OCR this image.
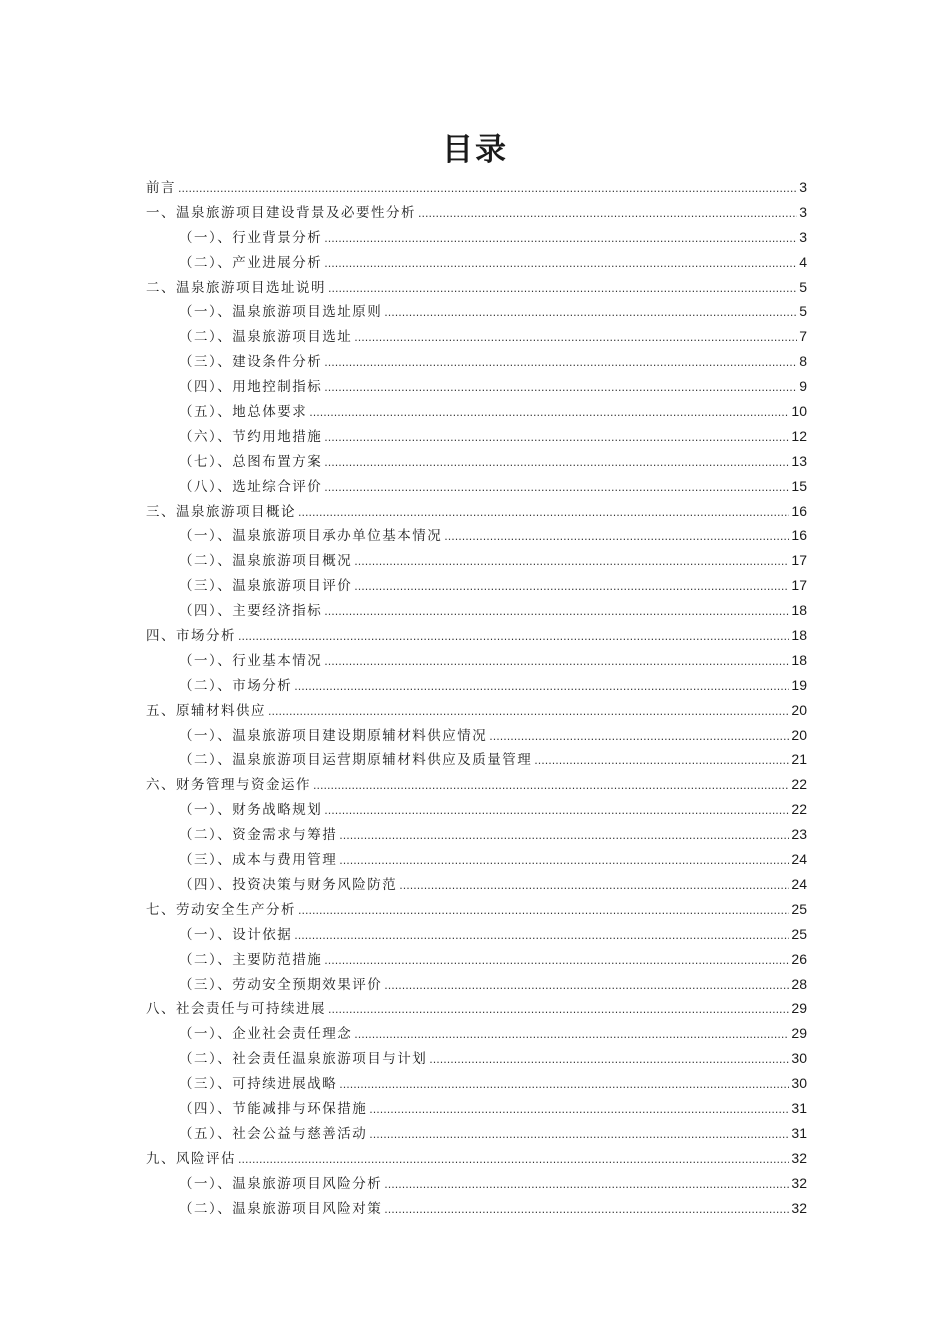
目录
前言 .....	3
一、温泉旅游项目建设背景及必要性分析 .....	3
（一）、行业背景分析 .....	3
（二）、产业进展分析 .....	4
二、温泉旅游项目选址说明 .....	5
（一）、温泉旅游项目选址原则 .....	5
（二）、温泉旅游项目选址 .....	7
（三）、建设条件分析 .....	8
（四）、用地控制指标 .....	9
（五）、地总体要求 .....	10
（六）、节约用地措施 .....	12
（七）、总图布置方案 .....	13
（八）、选址综合评价 .....	15
三、温泉旅游项目概论 .....	16
（一）、温泉旅游项目承办单位基本情况 .....	16
（二）、温泉旅游项目概况 .....	17
（三）、温泉旅游项目评价 .....	17
（四）、主要经济指标 .....	18
四、市场分析 .....	18
（一）、行业基本情况 .....	18
（二）、市场分析 .....	19
五、原辅材料供应 .....	20
（一）、温泉旅游项目建设期原辅材料供应情况 .....	20
（二）、温泉旅游项目运营期原辅材料供应及质量管理 .....	21
六、财务管理与资金运作 .....	22
（一）、财务战略规划 .....	22
（二）、资金需求与筹措 .....	23
（三）、成本与费用管理 .....	24
（四）、投资决策与财务风险防范 .....	24
七、劳动安全生产分析 .....	25
（一）、设计依据 .....	25
（二）、主要防范措施 .....	26
（三）、劳动安全预期效果评价 .....	28
八、社会责任与可持续进展 .....	29
（一）、企业社会责任理念 .....	29
（二）、社会责任温泉旅游项目与计划 .....	30
（三）、可持续进展战略 .....	30
（四）、节能减排与环保措施 .....	31
（五）、社会公益与慈善活动 .....	31
九、风险评估 .....	32
（一）、温泉旅游项目风险分析 .....	32
（二）、温泉旅游项目风险对策 .....	32
